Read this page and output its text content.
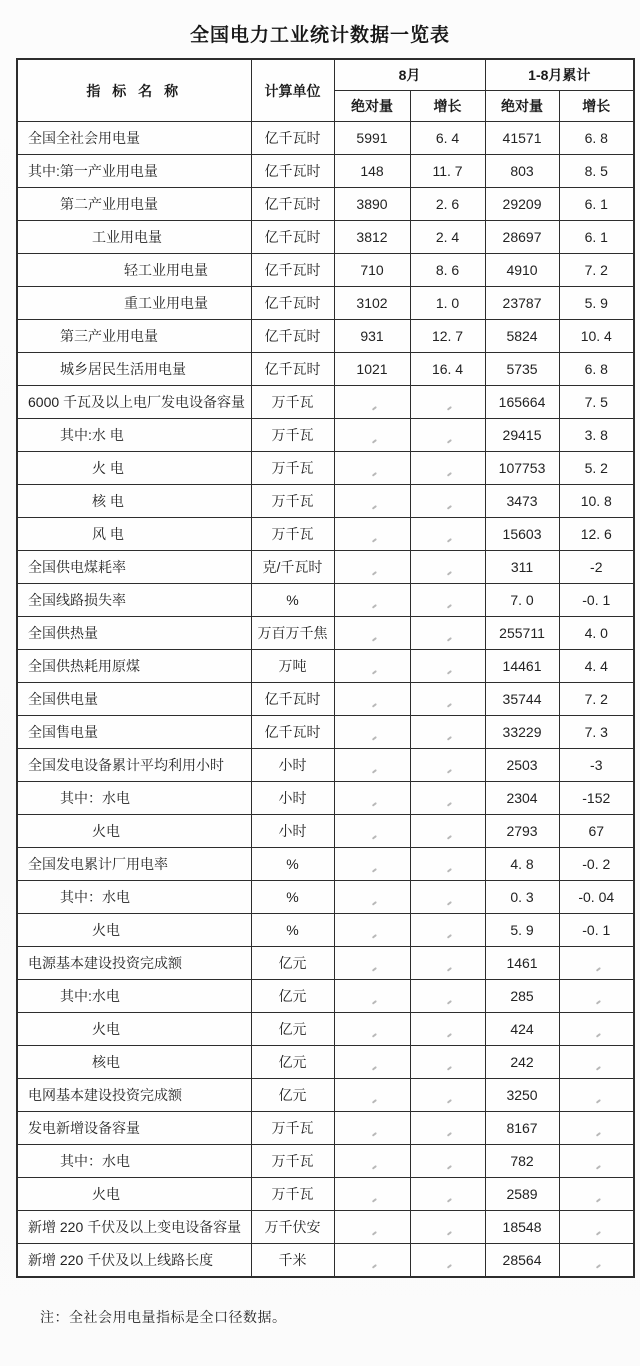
全国电力工业统计数据一览表
指 标 名 称	计算单位	8月		1-8月累计	
		绝对量	增长	绝对量	增长
全国全社会用电量	亿千瓦时	5991	6. 4	41571	6. 8
其中:第一产业用电量	亿千瓦时	148	11. 7	803	8. 5
第二产业用电量	亿千瓦时	3890	2. 6	29209	6. 1
工业用电量	亿千瓦时	3812	2. 4	28697	6. 1
轻工业用电量	亿千瓦时	710	8. 6	4910	7. 2
重工业用电量	亿千瓦时	3102	1. 0	23787	5. 9
第三产业用电量	亿千瓦时	931	12. 7	5824	10. 4
城乡居民生活用电量	亿千瓦时	1021	16. 4	5735	6. 8
6000 千瓦及以上电厂发电设备容量	万千瓦			165664	7. 5
其中:水 电	万千瓦			29415	3. 8
火 电	万千瓦			107753	5. 2
核 电	万千瓦			3473	10. 8
风 电	万千瓦			15603	12. 6
全国供电煤耗率	克/千瓦时			311	-2
全国线路损失率	%			7. 0	-0. 1
全国供热量	万百万千焦			255711	4. 0
全国供热耗用原煤	万吨			14461	4. 4
全国供电量	亿千瓦时			35744	7. 2
全国售电量	亿千瓦时			33229	7. 3
全国发电设备累计平均利用小时	小时			2503	-3
其中：水电	小时			2304	-152
火电	小时			2793	67
全国发电累计厂用电率	%			4. 8	-0. 2
其中：水电	%			0. 3	-0. 04
火电	%			5. 9	-0. 1
电源基本建设投资完成额	亿元			1461	
其中:水电	亿元			285	
火电	亿元			424	
核电	亿元			242	
电网基本建设投资完成额	亿元			3250	
发电新增设备容量	万千瓦			8167	
其中：水电	万千瓦			782	
火电	万千瓦			2589	
新增 220 千伏及以上变电设备容量	万千伏安			18548	
新增 220 千伏及以上线路长度	千米			28564	

注：全社会用电量指标是全口径数据。
